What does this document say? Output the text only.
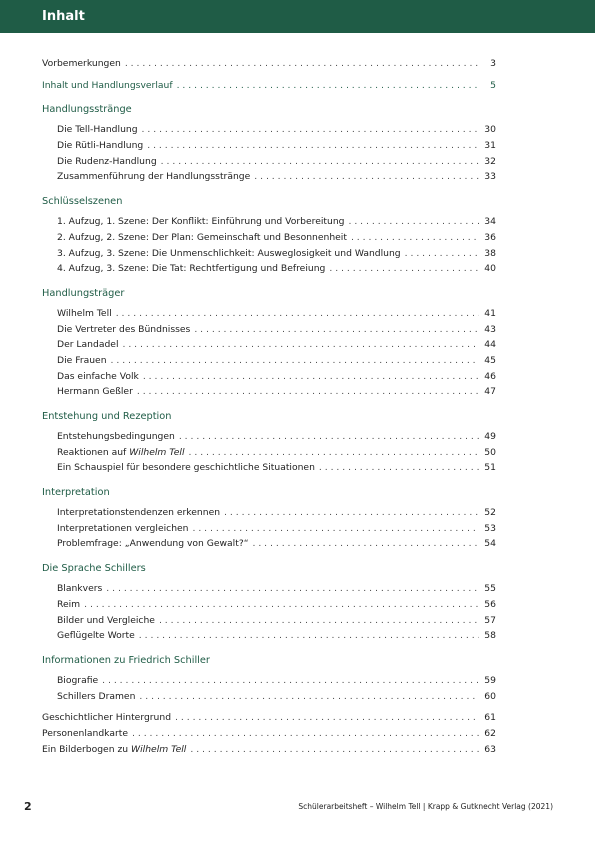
Inhalt
Vorbemerkungen . . .	3
Inhalt und Handlungsverlauf . . .	5
Handlungsstränge
Die Tell-Handlung . . .	30
Die Rütli-Handlung . . .	31
Die Rudenz-Handlung . . .	32
Zusammenführung der Handlungsstränge . . .	33
Schlüsselszenen
1. Aufzug, 1. Szene: Der Konflikt: Einführung und Vorbereitung . . .	34
2. Aufzug, 2. Szene: Der Plan: Gemeinschaft und Besonnenheit . . .	36
3. Aufzug, 3. Szene: Die Unmenschlichkeit: Ausweglosigkeit und Wandlung . . .	38
4. Aufzug, 3. Szene: Die Tat: Rechtfertigung und Befreiung . . .	40
Handlungsträger
Wilhelm Tell . . .	41
Die Vertreter des Bündnisses . . .	43
Der Landadel . . .	44
Die Frauen . . .	45
Das einfache Volk . . .	46
Hermann Geßler . . .	47
Entstehung und Rezeption
Entstehungsbedingungen . . .	49
Reaktionen auf Wilhelm Tell . . .	50
Ein Schauspiel für besondere geschichtliche Situationen . . .	51
Interpretation
Interpretationstendenzen erkennen . . .	52
Interpretationen vergleichen . . .	53
Problemfrage: „Anwendung von Gewalt?“ . . .	54
Die Sprache Schillers
Blankvers . . .	55
Reim . . .	56
Bilder und Vergleiche . . .	57
Geflügelte Worte . . .	58
Informationen zu Friedrich Schiller
Biografie . . .	59
Schillers Dramen . . .	60
Geschichtlicher Hintergrund . . .	61
Personenlandkarte . . .	62
Ein Bilderbogen zu Wilhelm Tell . . .	63
2	Schülerarbeitsheft – Wilhelm Tell | Krapp & Gutknecht Verlag (2021)
